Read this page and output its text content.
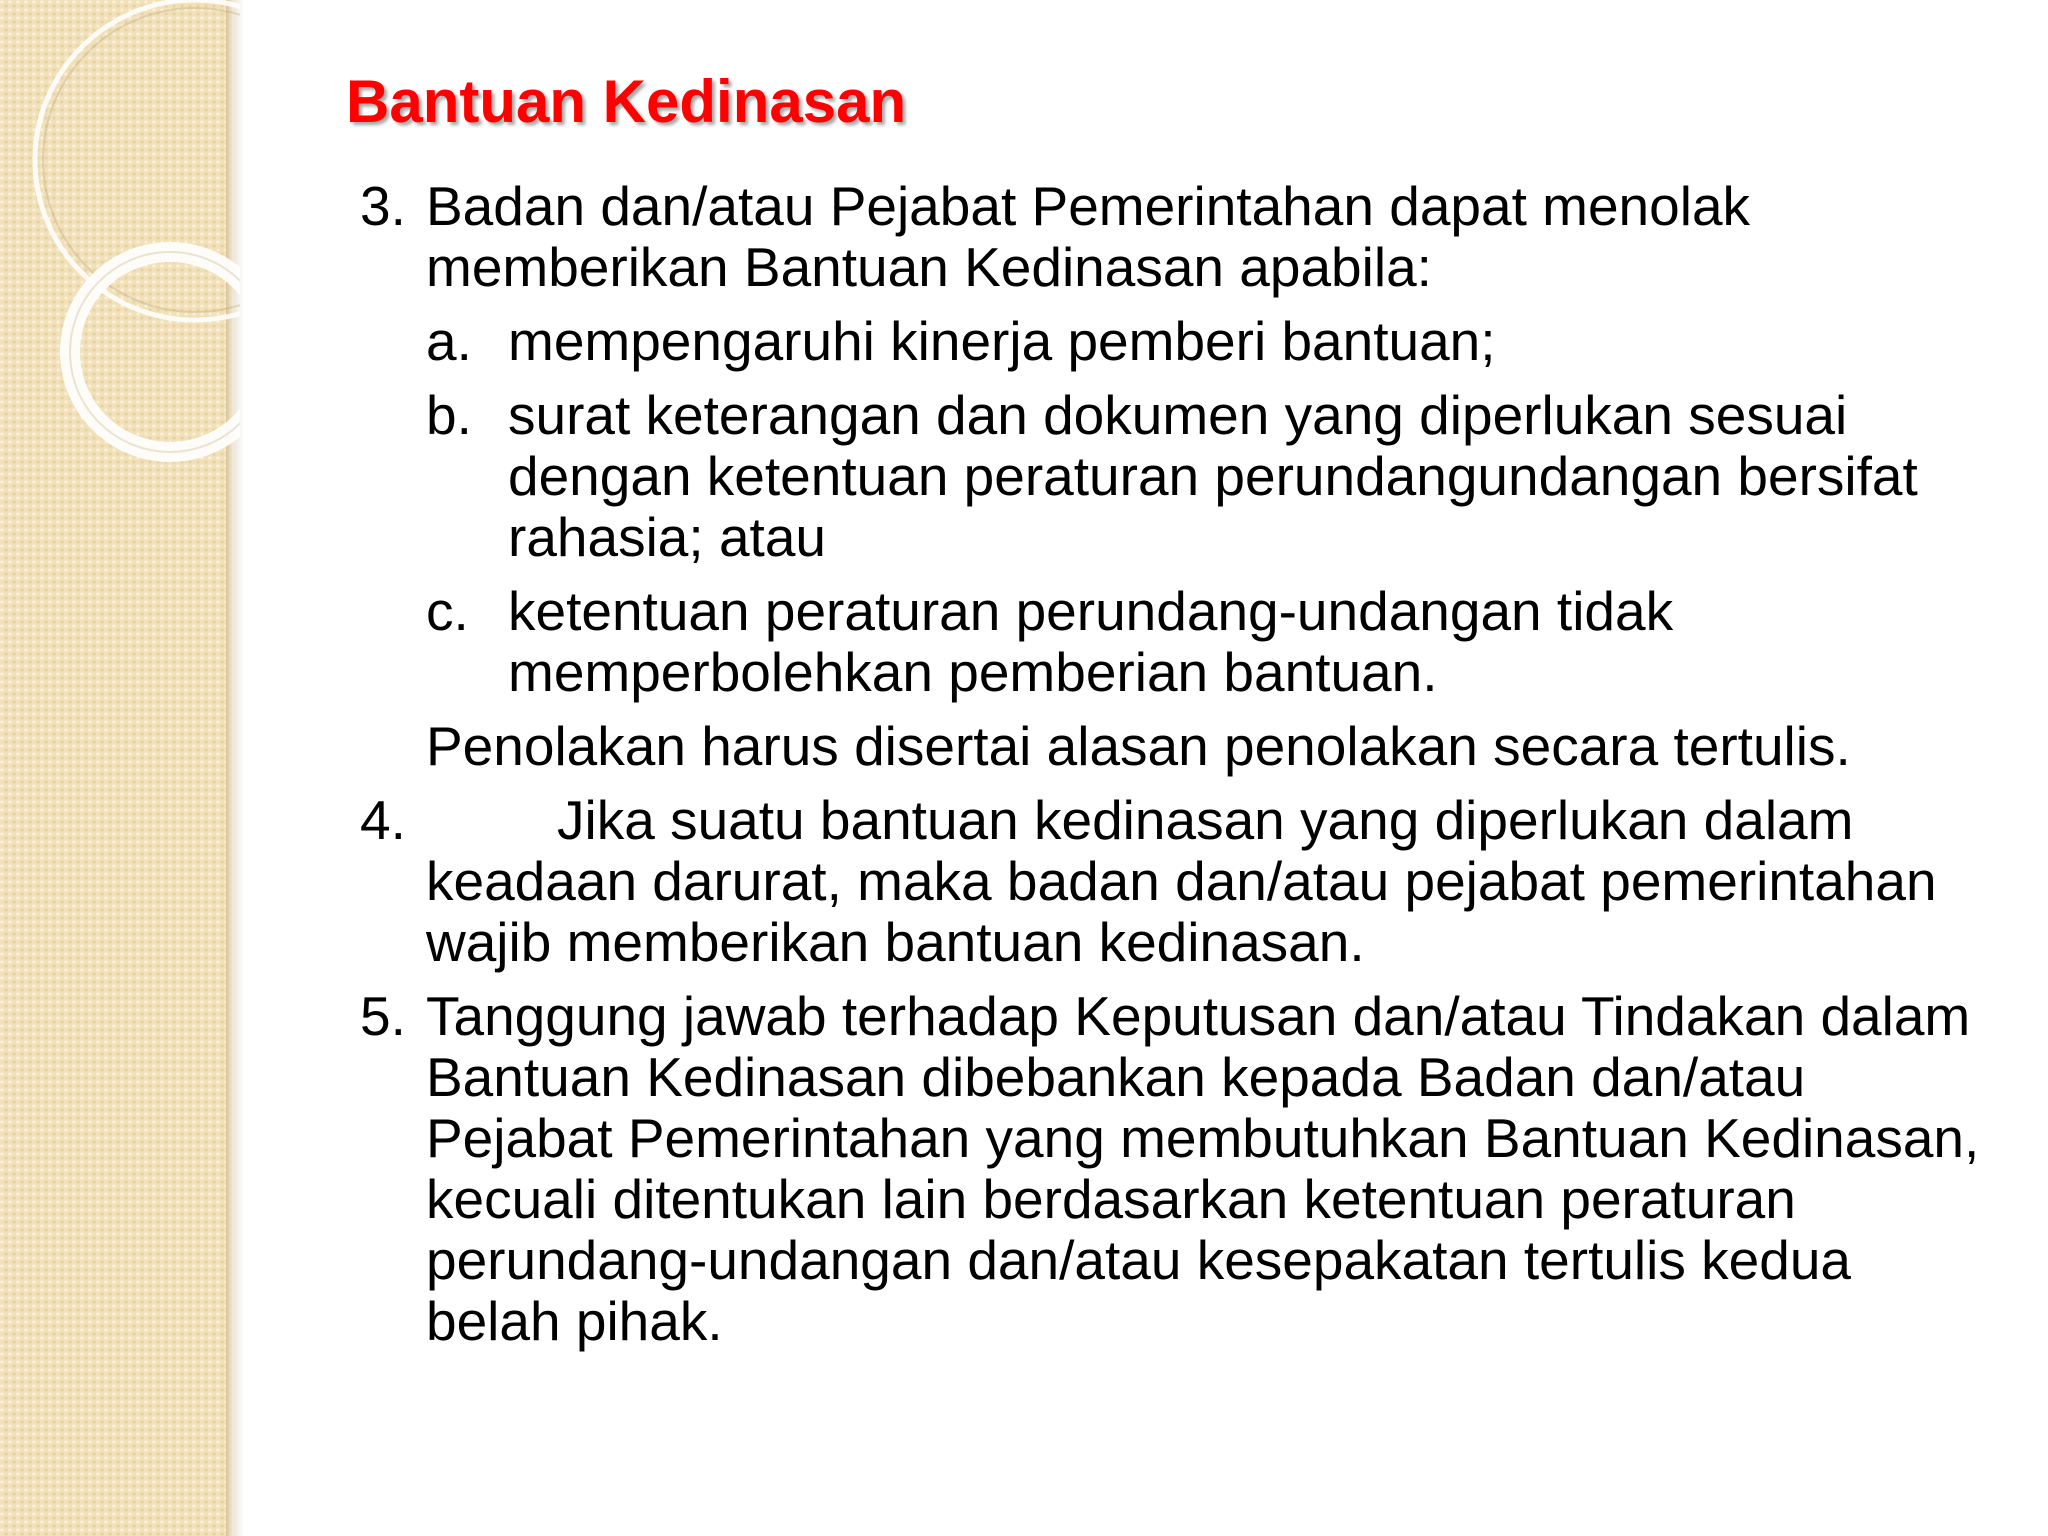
Bantuan Kedinasan
3. Badan dan/atau Pejabat Pemerintahan dapat menolak memberikan Bantuan Kedinasan apabila:
a. mempengaruhi kinerja pemberi bantuan;
b. surat keterangan dan dokumen yang diperlukan sesuai dengan ketentuan peraturan perundangundangan bersifat rahasia; atau
c. ketentuan peraturan perundang-undangan tidak memperbolehkan pemberian bantuan.
Penolakan harus disertai alasan penolakan secara tertulis.
4.	Jika suatu bantuan kedinasan yang diperlukan dalam keadaan darurat, maka badan dan/atau pejabat pemerintahan wajib memberikan bantuan kedinasan.
5. Tanggung jawab terhadap Keputusan dan/atau Tindakan dalam Bantuan Kedinasan dibebankan kepada Badan dan/atau Pejabat Pemerintahan yang membutuhkan Bantuan Kedinasan, kecuali ditentukan lain berdasarkan ketentuan peraturan perundang-undangan dan/atau kesepakatan tertulis kedua belah pihak.
